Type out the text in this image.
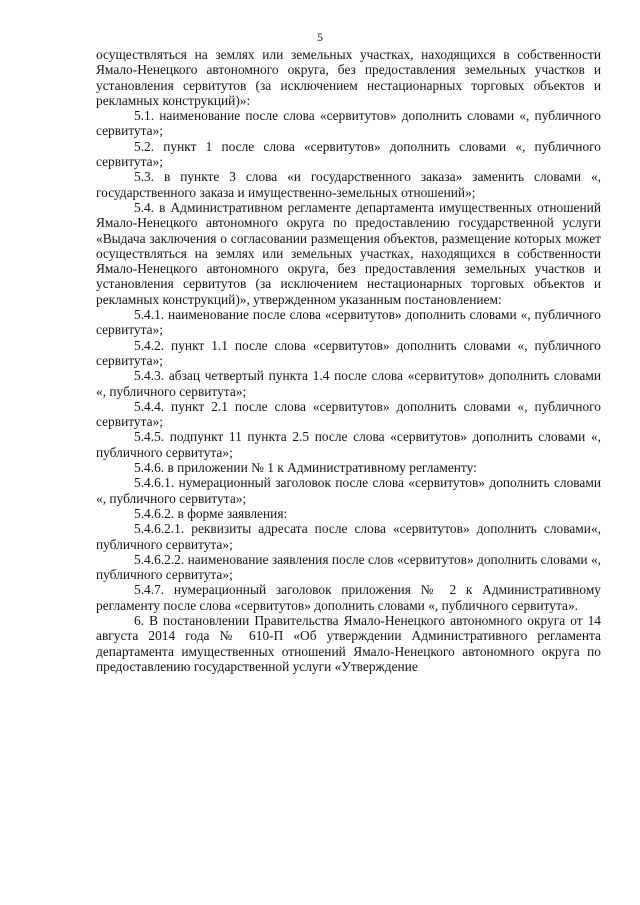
5

осуществляться на землях или земельных участках, находящихся в собственности Ямало-Ненецкого автономного округа, без предоставления земельных участков и установления сервитутов (за исключением нестационарных торговых объектов и рекламных конструкций)»:

5.1. наименование после слова «сервитутов» дополнить словами «, публичного сервитута»;

5.2. пункт 1 после слова «сервитутов» дополнить словами «, публичного сервитута»;

5.3. в пункте 3 слова «и государственного заказа» заменить словами «, государственного заказа и имущественно-земельных отношений»;

5.4. в Административном регламенте департамента имущественных отношений Ямало-Ненецкого автономного округа по предоставлению государственной услуги «Выдача заключения о согласовании размещения объектов, размещение которых может осуществляться на землях или земельных участках, находящихся в собственности Ямало-Ненецкого автономного округа, без предоставления земельных участков и установления сервитутов (за исключением нестационарных торговых объектов и рекламных конструкций)», утвержденном указанным постановлением:

5.4.1. наименование после слова «сервитутов» дополнить словами «, публичного сервитута»;

5.4.2. пункт 1.1 после слова «сервитутов» дополнить словами «, публичного сервитута»;

5.4.3. абзац четвертый пункта 1.4 после слова «сервитутов» дополнить словами «, публичного сервитута»;

5.4.4. пункт 2.1 после слова «сервитутов» дополнить словами «, публичного сервитута»;

5.4.5. подпункт 11 пункта 2.5 после слова «сервитутов» дополнить словами «, публичного сервитута»;

5.4.6. в приложении № 1 к Административному регламенту:

5.4.6.1. нумерационный заголовок после слова «сервитутов» дополнить словами «, публичного сервитута»;

5.4.6.2. в форме заявления:

5.4.6.2.1. реквизиты адресата после слова «сервитутов» дополнить словами«, публичного сервитута»;

5.4.6.2.2. наименование заявления после слов «сервитутов» дополнить словами «, публичного сервитута»;

5.4.7. нумерационный заголовок приложения № 2 к Административному регламенту после слова «сервитутов» дополнить словами «, публичного сервитута».

6. В постановлении Правительства Ямало-Ненецкого автономного округа от 14 августа 2014 года № 610-П «Об утверждении Административного регламента департамента имущественных отношений Ямало-Ненецкого автономного округа по предоставлению государственной услуги «Утверждение
